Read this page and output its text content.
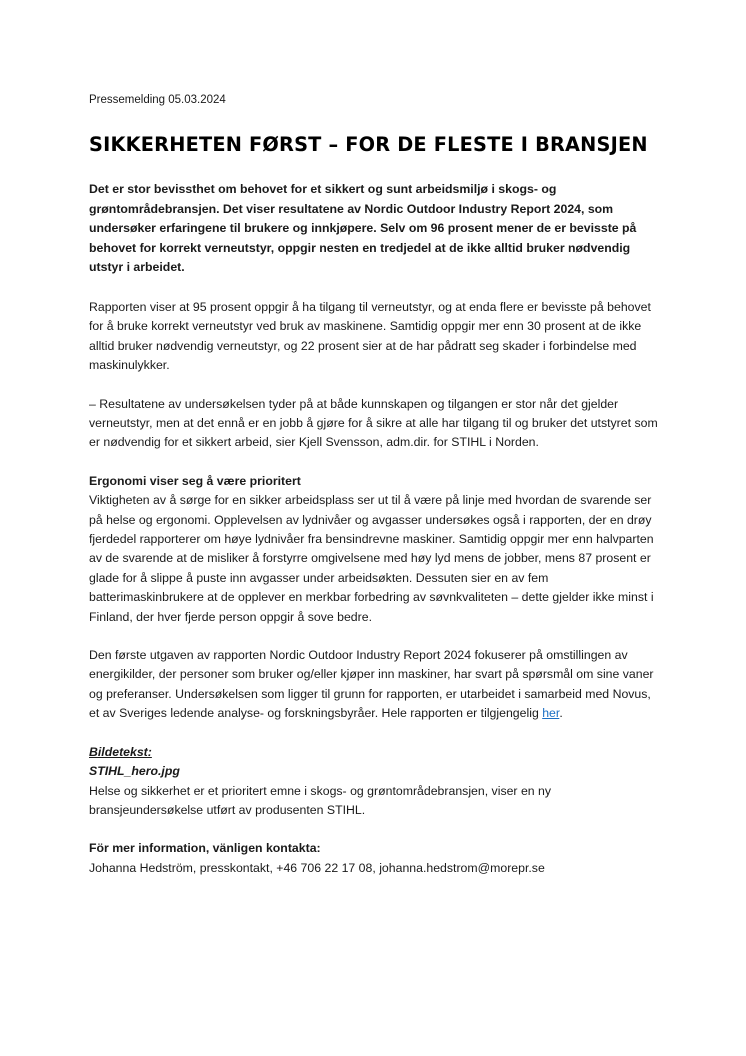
Pressemelding 05.03.2024

SIKKERHETEN FØRST – FOR DE FLESTE I BRANSJEN

Det er stor bevissthet om behovet for et sikkert og sunt arbeidsmiljø i skogs- og grøntområdebransjen. Det viser resultatene av Nordic Outdoor Industry Report 2024, som undersøker erfaringene til brukere og innkjøpere. Selv om 96 prosent mener de er bevisste på behovet for korrekt verneutstyr, oppgir nesten en tredjedel at de ikke alltid bruker nødvendig utstyr i arbeidet.

Rapporten viser at 95 prosent oppgir å ha tilgang til verneutstyr, og at enda flere er bevisste på behovet for å bruke korrekt verneutstyr ved bruk av maskinene. Samtidig oppgir mer enn 30 prosent at de ikke alltid bruker nødvendig verneutstyr, og 22 prosent sier at de har pådratt seg skader i forbindelse med maskinulykker.

– Resultatene av undersøkelsen tyder på at både kunnskapen og tilgangen er stor når det gjelder verneutstyr, men at det ennå er en jobb å gjøre for å sikre at alle har tilgang til og bruker det utstyret som er nødvendig for et sikkert arbeid, sier Kjell Svensson, adm.dir. for STIHL i Norden.

Ergonomi viser seg å være prioritert
Viktigheten av å sørge for en sikker arbeidsplass ser ut til å være på linje med hvordan de svarende ser på helse og ergonomi. Opplevelsen av lydnivåer og avgasser undersøkes også i rapporten, der en drøy fjerdedel rapporterer om høye lydnivåer fra bensindrevne maskiner. Samtidig oppgir mer enn halvparten av de svarende at de misliker å forstyrre omgivelsene med høy lyd mens de jobber, mens 87 prosent er glade for å slippe å puste inn avgasser under arbeidsøkten. Dessuten sier en av fem batterimaskinbrukere at de opplever en merkbar forbedring av søvnkvaliteten – dette gjelder ikke minst i Finland, der hver fjerde person oppgir å sove bedre.

Den første utgaven av rapporten Nordic Outdoor Industry Report 2024 fokuserer på omstillingen av energikilder, der personer som bruker og/eller kjøper inn maskiner, har svart på spørsmål om sine vaner og preferanser. Undersøkelsen som ligger til grunn for rapporten, er utarbeidet i samarbeid med Novus, et av Sveriges ledende analyse- og forskningsbyråer. Hele rapporten er tilgjengelig her.

Bildetekst:
STIHL_hero.jpg
Helse og sikkerhet er et prioritert emne i skogs- og grøntområdebransjen, viser en ny bransjeundersøkelse utført av produsenten STIHL.
För mer information, vänligen kontakta:
Johanna Hedström, presskontakt, +46 706 22 17 08, johanna.hedstrom@morepr.se
